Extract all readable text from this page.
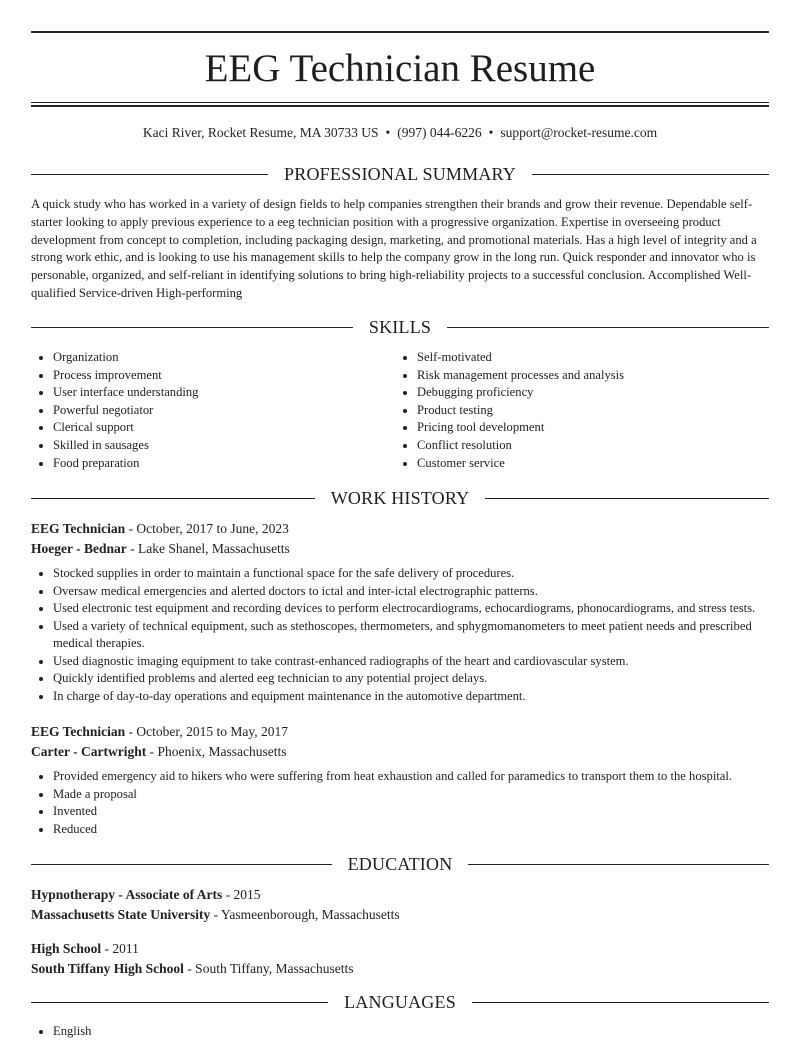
EEG Technician Resume
Kaci River, Rocket Resume, MA 30733 US • (997) 044-6226 • support@rocket-resume.com
PROFESSIONAL SUMMARY

A quick study who has worked in a variety of design fields to help companies strengthen their brands and grow their revenue. Dependable self-starter looking to apply previous experience to a eeg technician position with a progressive organization. Expertise in overseeing product development from concept to completion, including packaging design, marketing, and promotional materials. Has a high level of integrity and a strong work ethic, and is looking to use his management skills to help the company grow in the long run. Quick responder and innovator who is personable, organized, and self-reliant in identifying solutions to bring high-reliability projects to a successful conclusion. Accomplished Well-qualified Service-driven High-performing

SKILLS
• Organization
• Process improvement
• User interface understanding
• Powerful negotiator
• Clerical support
• Skilled in sausages
• Food preparation
• Self-motivated
• Risk management processes and analysis
• Debugging proficiency
• Product testing
• Pricing tool development
• Conflict resolution
• Customer service
WORK HISTORY
EEG Technician - October, 2017 to June, 2023
Hoeger - Bednar - Lake Shanel, Massachusetts
• Stocked supplies in order to maintain a functional space for the safe delivery of procedures.
• Oversaw medical emergencies and alerted doctors to ictal and inter-ictal electrographic patterns.
• Used electronic test equipment and recording devices to perform electrocardiograms, echocardiograms, phonocardiograms, and stress tests.
• Used a variety of technical equipment, such as stethoscopes, thermometers, and sphygmomanometers to meet patient needs and prescribed medical therapies.
• Used diagnostic imaging equipment to take contrast-enhanced radiographs of the heart and cardiovascular system.
• Quickly identified problems and alerted eeg technician to any potential project delays.
• In charge of day-to-day operations and equipment maintenance in the automotive department.
EEG Technician - October, 2015 to May, 2017
Carter - Cartwright - Phoenix, Massachusetts
• Provided emergency aid to hikers who were suffering from heat exhaustion and called for paramedics to transport them to the hospital.
• Made a proposal
• Invented
• Reduced
EDUCATION
Hypnotherapy - Associate of Arts - 2015
Massachusetts State University - Yasmeenborough, Massachusetts
High School - 2011
South Tiffany High School - South Tiffany, Massachusetts
LANGUAGES
• English
